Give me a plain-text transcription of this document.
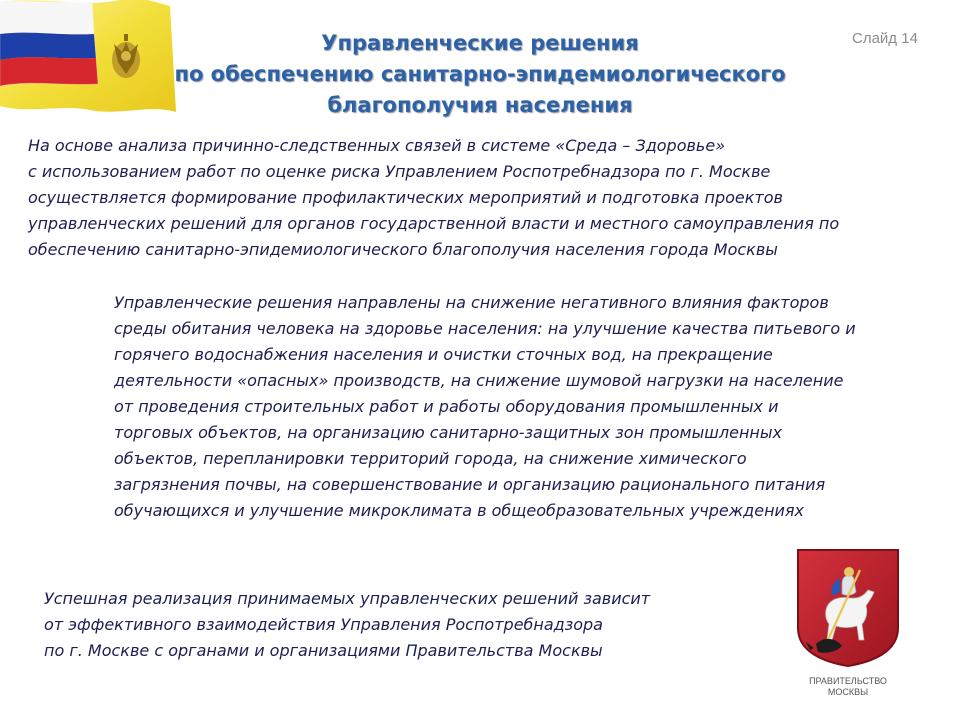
Слайд 14
Управленческие решения
по обеспечению санитарно-эпидемиологического
благополучия населения

На основе анализа причинно-следственных связей в системе «Среда – Здоровье»
с использованием работ по оценке риска Управлением Роспотребнадзора по г. Москве
осуществляется формирование профилактических мероприятий и подготовка проектов
управленческих решений для органов государственной власти и местного самоуправления по
обеспечению санитарно-эпидемиологического благополучия населения города Москвы

Управленческие решения направлены на снижение негативного влияния факторов
среды обитания человека на здоровье населения: на улучшение качества питьевого и
горячего водоснабжения населения и очистки сточных вод, на прекращение
деятельности «опасных» производств, на снижение шумовой нагрузки на население
от проведения строительных работ и работы оборудования промышленных и
торговых объектов, на организацию санитарно-защитных зон промышленных
объектов, перепланировки территорий города, на снижение химического
загрязнения почвы, на совершенствование и организацию рационального питания
обучающихся и улучшение микроклимата в общеобразовательных учреждениях

Успешная реализация принимаемых управленческих решений зависит
от эффективного взаимодействия Управления Роспотребнадзора
по г. Москве с органами и организациями Правительства Москвы

ПРАВИТЕЛЬСТВО
МОСКВЫ
